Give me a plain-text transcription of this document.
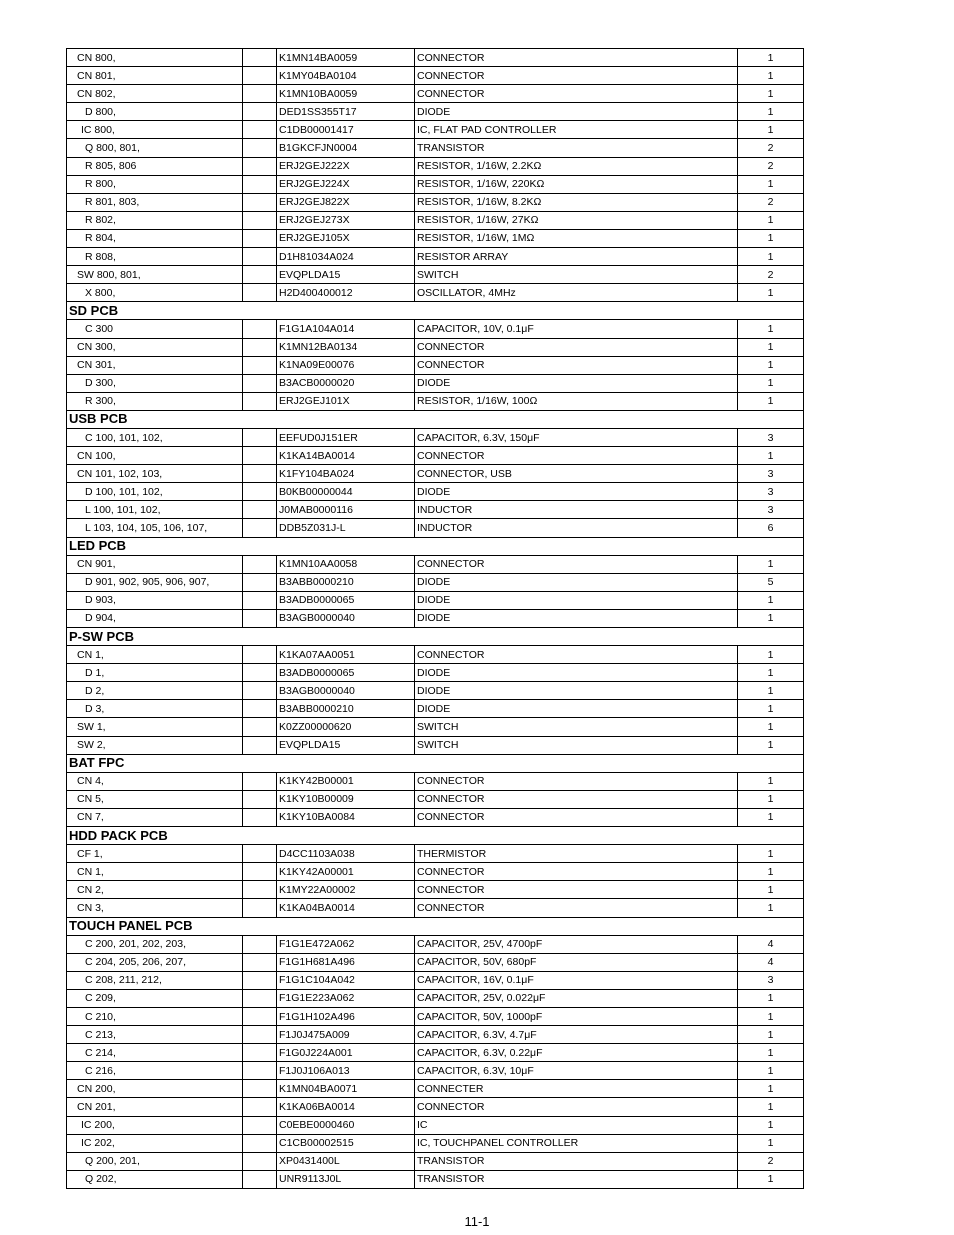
CN 800,		K1MN14BA0059	CONNECTOR	1
CN 801,		K1MY04BA0104	CONNECTOR	1
CN 802,		K1MN10BA0059	CONNECTOR	1
D 800,		DED1SS355T17	DIODE	1
IC 800,		C1DB00001417	IC, FLAT PAD CONTROLLER	1
Q 800, 801,		B1GKCFJN0004	TRANSISTOR	2
R 805, 806		ERJ2GEJ222X	RESISTOR, 1/16W, 2.2KΩ	2
R 800,		ERJ2GEJ224X	RESISTOR, 1/16W, 220KΩ	1
R 801, 803,		ERJ2GEJ822X	RESISTOR, 1/16W, 8.2KΩ	2
R 802,		ERJ2GEJ273X	RESISTOR, 1/16W, 27KΩ	1
R 804,		ERJ2GEJ105X	RESISTOR, 1/16W, 1MΩ	1
R 808,		D1H81034A024	RESISTOR ARRAY	1
SW 800, 801,		EVQPLDA15	SWITCH	2
X 800,		H2D400400012	OSCILLATOR, 4MHz	1
SD PCB				
C 300		F1G1A104A014	CAPACITOR, 10V, 0.1μF	1
CN 300,		K1MN12BA0134	CONNECTOR	1
CN 301,		K1NA09E00076	CONNECTOR	1
D 300,		B3ACB0000020	DIODE	1
R 300,		ERJ2GEJ101X	RESISTOR, 1/16W, 100Ω	1
USB PCB				
C 100, 101, 102,		EEFUD0J151ER	CAPACITOR, 6.3V, 150μF	3
CN 100,		K1KA14BA0014	CONNECTOR	1
CN 101, 102, 103,		K1FY104BA024	CONNECTOR, USB	3
D 100, 101, 102,		B0KB00000044	DIODE	3
L 100, 101, 102,		J0MAB0000116	INDUCTOR	3
L 103, 104, 105, 106, 107,		DDB5Z031J-L	INDUCTOR	6
LED PCB				
CN 901,		K1MN10AA0058	CONNECTOR	1
D 901, 902, 905, 906, 907,		B3ABB0000210	DIODE	5
D 903,		B3ADB0000065	DIODE	1
D 904,		B3AGB0000040	DIODE	1
P-SW PCB				
CN 1,		K1KA07AA0051	CONNECTOR	1
D 1,		B3ADB0000065	DIODE	1
D 2,		B3AGB0000040	DIODE	1
D 3,		B3ABB0000210	DIODE	1
SW 1,		K0ZZ00000620	SWITCH	1
SW 2,		EVQPLDA15	SWITCH	1
BAT FPC				
CN 4,		K1KY42B00001	CONNECTOR	1
CN 5,		K1KY10B00009	CONNECTOR	1
CN 7,		K1KY10BA0084	CONNECTOR	1
HDD PACK PCB				
CF 1,		D4CC1103A038	THERMISTOR	1
CN 1,		K1KY42A00001	CONNECTOR	1
CN 2,		K1MY22A00002	CONNECTOR	1
CN 3,		K1KA04BA0014	CONNECTOR	1
TOUCH PANEL PCB				
C 200, 201, 202, 203,		F1G1E472A062	CAPACITOR, 25V, 4700pF	4
C 204, 205, 206, 207,		F1G1H681A496	CAPACITOR, 50V, 680pF	4
C 208, 211, 212,		F1G1C104A042	CAPACITOR, 16V, 0.1μF	3
C 209,		F1G1E223A062	CAPACITOR, 25V, 0.022μF	1
C 210,		F1G1H102A496	CAPACITOR, 50V, 1000pF	1
C 213,		F1J0J475A009	CAPACITOR, 6.3V, 4.7μF	1
C 214,		F1G0J224A001	CAPACITOR, 6.3V, 0.22μF	1
C 216,		F1J0J106A013	CAPACITOR, 6.3V, 10μF	1
CN 200,		K1MN04BA0071	CONNECTER	1
CN 201,		K1KA06BA0014	CONNECTOR	1
IC 200,		C0EBE0000460	IC	1
IC 202,		C1CB00002515	IC, TOUCHPANEL CONTROLLER	1
Q 200, 201,		XP0431400L	TRANSISTOR	2
Q 202,		UNR9113J0L	TRANSISTOR	1
11-1
